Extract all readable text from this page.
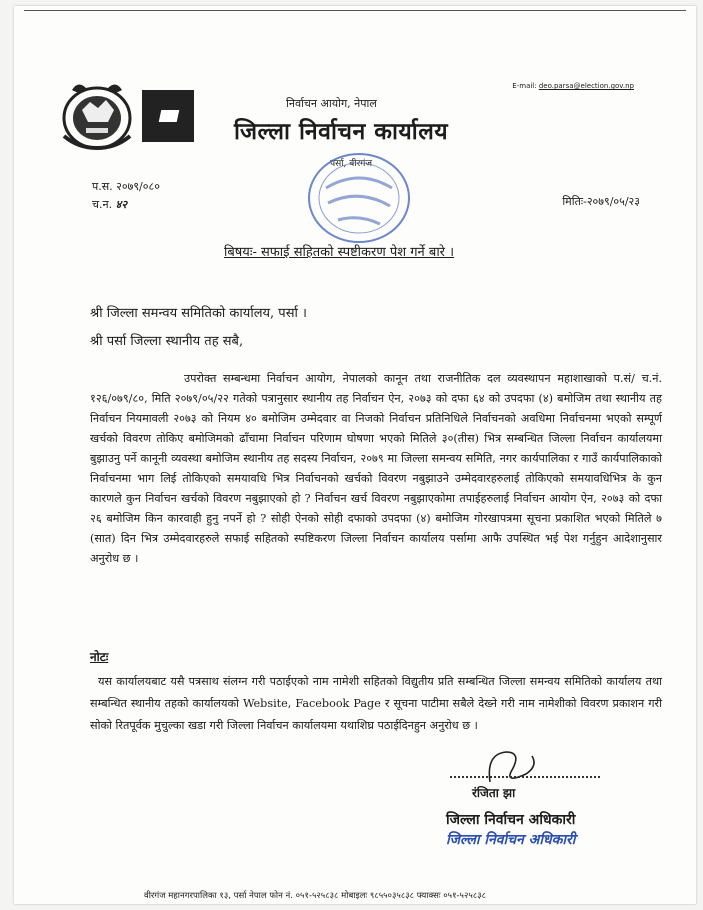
E-mail: deo.parsa@election.gov.np
निर्वाचन आयोग, नेपाल
जिल्ला निर्वाचन कार्यालय
पर्सा, वीरगंज
प.स. २०७९/०८०
च.न. ४२	मितिः-२०७९/०५/२३
बिषयः- सफाई सहितको स्पष्टीकरण पेश गर्ने बारे ।
श्री जिल्ला समन्वय समितिको कार्यालय, पर्सा ।
श्री पर्सा जिल्ला स्थानीय तह सबै,
उपरोक्त सम्बन्धमा निर्वाचन आयोग, नेपालको कानून तथा राजनीतिक दल व्यवस्थापन महाशाखाको प.सं/ च.नं. १२६/०७९/८०, मिति २०७९/०५/२२ गतेको पत्रानुसार स्थानीय तह निर्वाचन ऐन, २०७३ को दफा ६४ को उपदफा (४) बमोजिम तथा स्थानीय तह निर्वाचन नियमावली २०७३ को नियम ४० बमोजिम उम्मेदवार वा निजको निर्वाचन प्रतिनिधिले निर्वाचनको अवधिमा निर्वाचनमा भएको सम्पूर्ण खर्चको विवरण तोकिए बमोजिमको ढाँचामा निर्वाचन परिणाम घोषणा भएको मितिले ३०(तीस) भित्र सम्बन्धित जिल्ला निर्वाचन कार्यालयमा बुझाउनु पर्ने कानूनी व्यवस्था बमोजिम स्थानीय तह सदस्य निर्वाचन, २०७९ मा जिल्ला समन्वय समिति, नगर कार्यपालिका र गाउँ कार्यपालिकाको निर्वाचनमा भाग लिई तोकिएको समयावधि भित्र निर्वाचनको खर्चको विवरण नबुझाउने उम्मेदवारहरुलाई तोकिएको समयावधिभित्र के कुन कारणले कुन निर्वाचन खर्चको विवरण नबुझाएको हो ? निर्वाचन खर्च विवरण नबुझाएकोमा तपाईहरुलाई निर्वाचन आयोग ऐन, २०७३ को दफा २६ बमोजिम किन कारवाही हुनु नपर्ने हो ? सोही ऐनको सोही दफाको उपदफा (४) बमोजिम गोरखापत्रमा सूचना प्रकाशित भएको मितिले ७ (सात) दिन भित्र उम्मेदवारहरुले सफाई सहितको स्पष्टिकरण जिल्ला निर्वाचन कार्यालय पर्सामा आफै उपस्थित भई पेश गर्नुहुन आदेशानुसार अनुरोध छ ।
नोटः
यस कार्यालयबाट यसै पत्रसाथ संलग्न गरी पठाईएको नाम नामेशी सहितको विद्युतीय प्रति सम्बन्धित जिल्ला समन्वय समितिको कार्यालय तथा सम्बन्धित स्थानीय तहको कार्यालयको Website, Facebook Page र सूचना पाटीमा सबैले देख्ने गरी नाम नामेशीको विवरण प्रकाशन गरी सोको रितपूर्वक मुचुल्का खडा गरी जिल्ला निर्वाचन कार्यालयमा यथाशिघ्र पठाईदिनहुन अनुरोध छ ।
रंजिता झा
जिल्ला निर्वाचन अधिकारी
जिल्ला निर्वाचन अधिकारी
वीरगंज महानगरपालिका १३, पर्सा नेपाल फोन नं. ०५१-५२५८३८ मोबाइलः ९८५५०३५८३८ फ्याक्सः ०५१-५२५८३८
